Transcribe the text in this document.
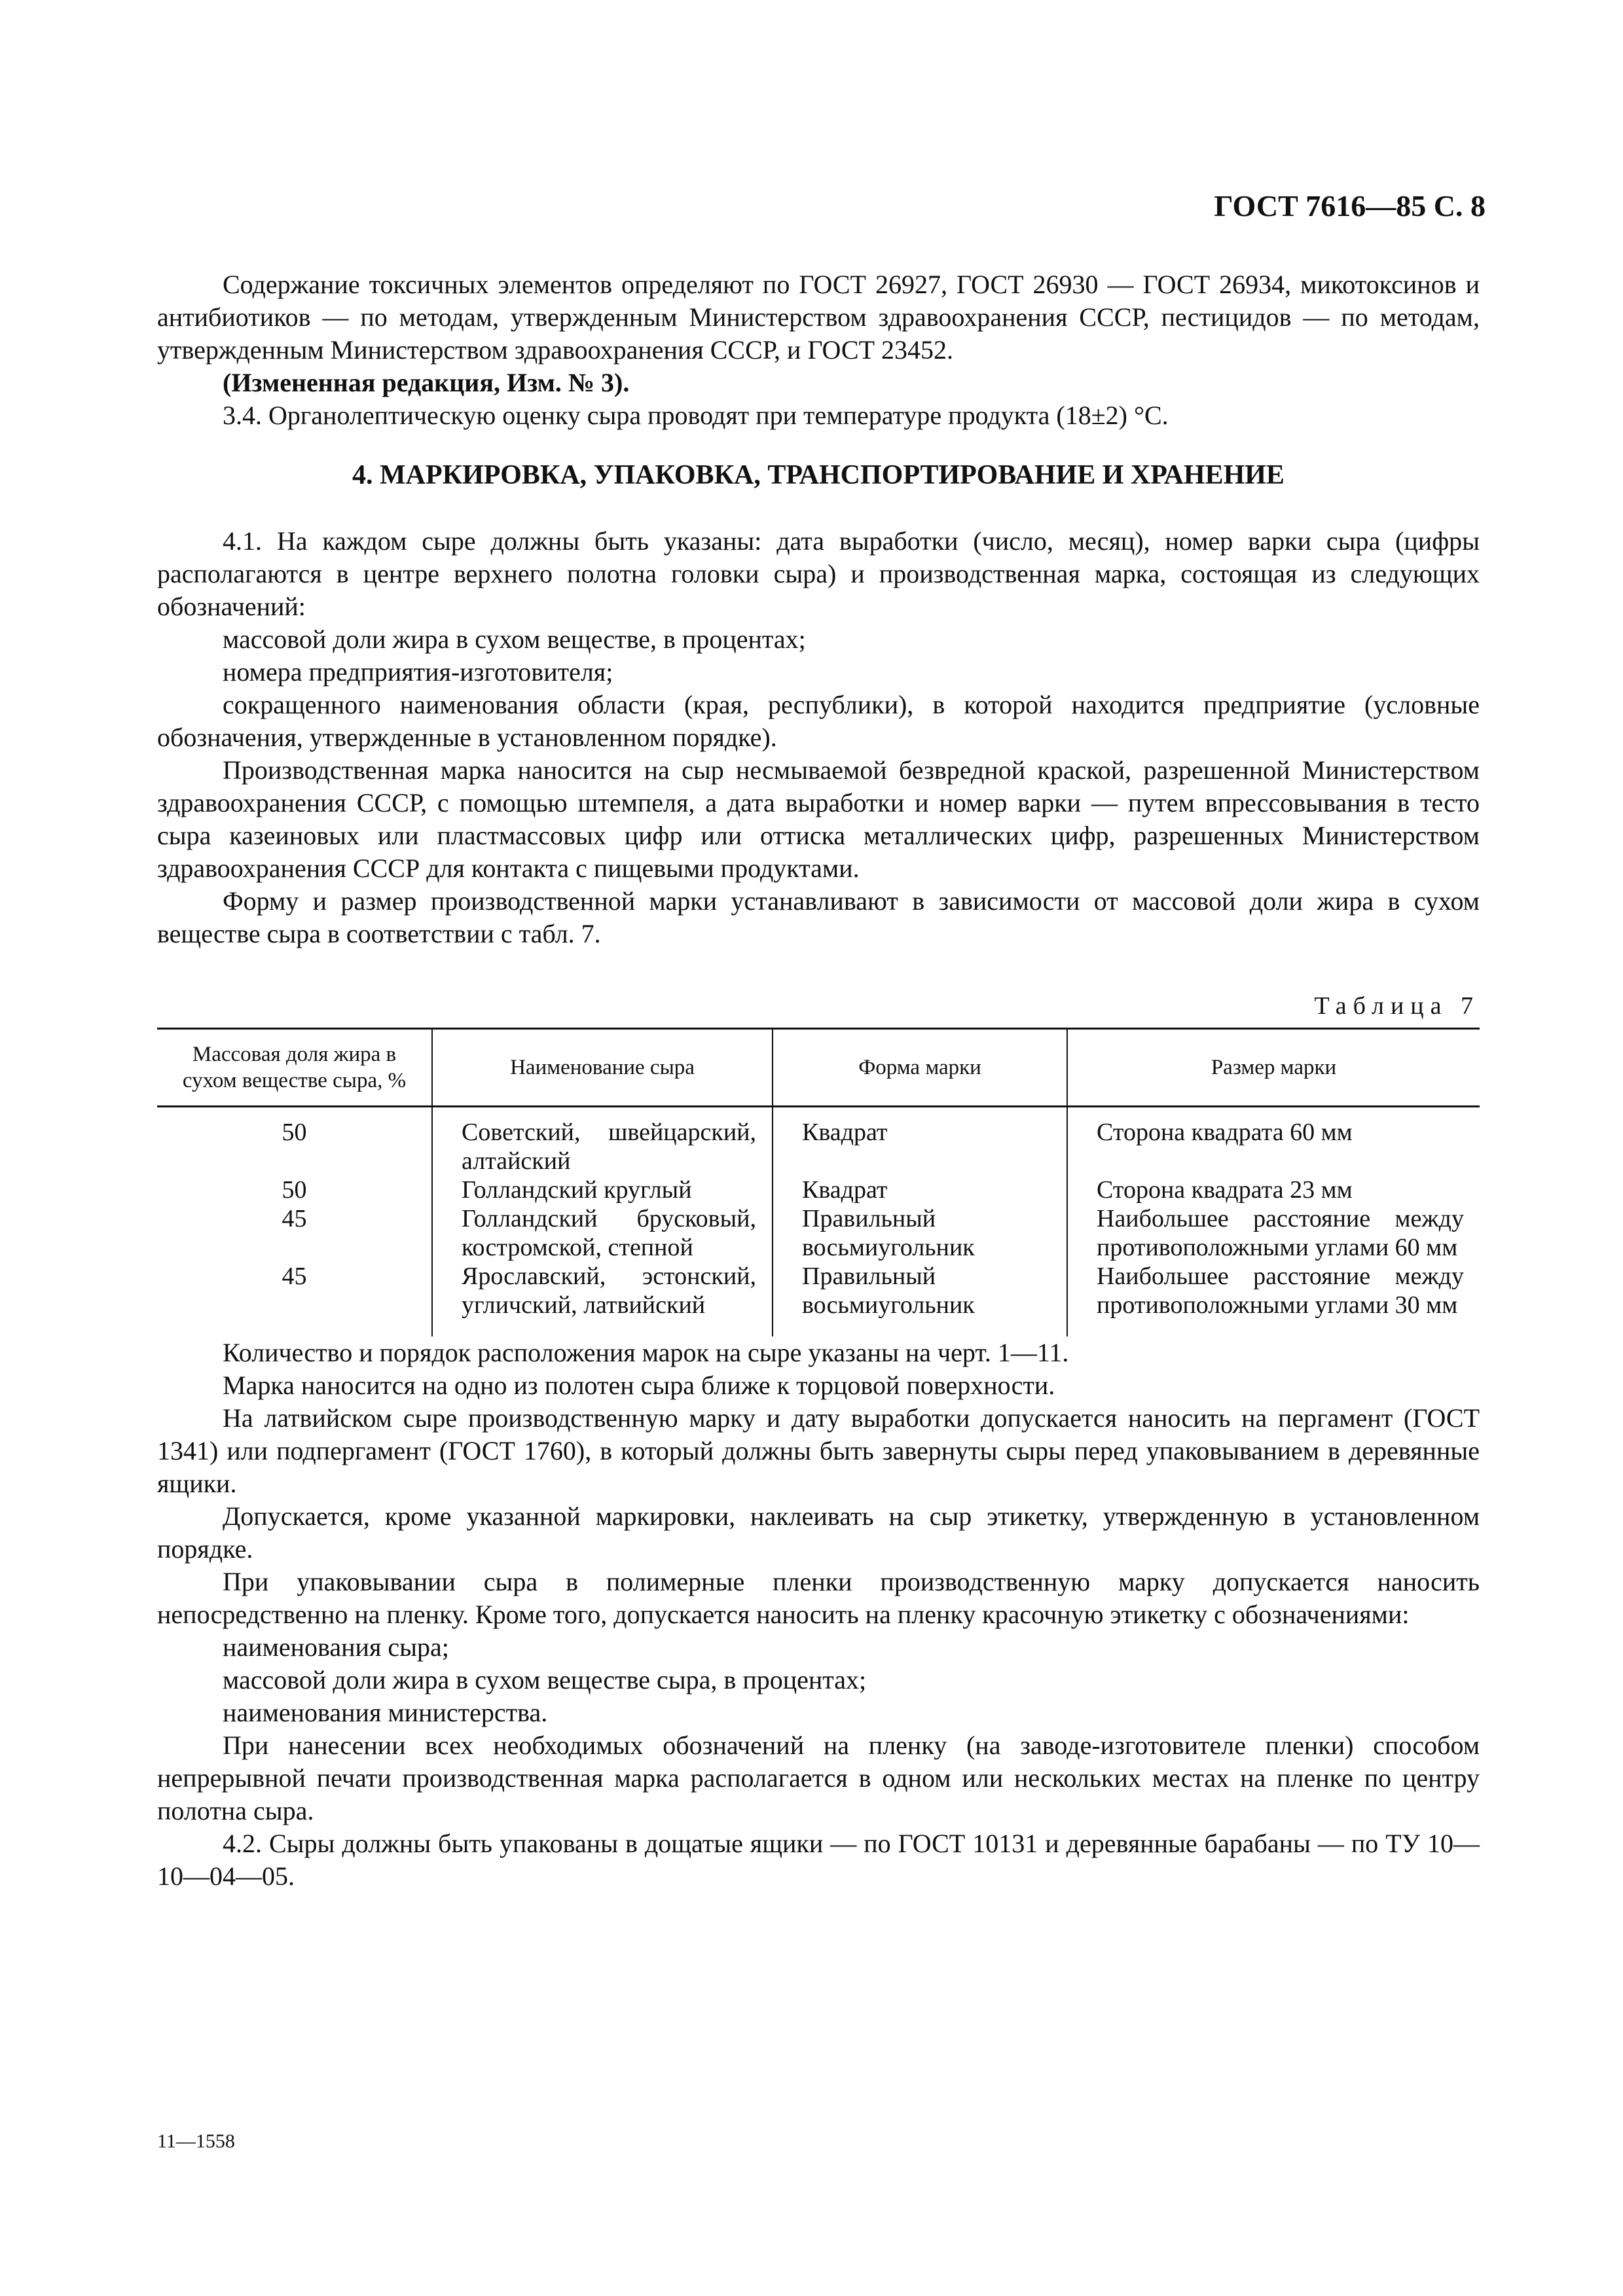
ГОСТ 7616—85 С. 8

Содержание токсичных элементов определяют по ГОСТ 26927, ГОСТ 26930 — ГОСТ 26934, микотоксинов и антибиотиков — по методам, утвержденным Министерством здравоохранения СССР, пестицидов — по методам, утвержденным Министерством здравоохранения СССР, и ГОСТ 23452.

(Измененная редакция, Изм. № 3).

3.4. Органолептическую оценку сыра проводят при температуре продукта (18±2) °С.

4. МАРКИРОВКА, УПАКОВКА, ТРАНСПОРТИРОВАНИЕ И ХРАНЕНИЕ

4.1. На каждом сыре должны быть указаны: дата выработки (число, месяц), номер варки сыра (цифры располагаются в центре верхнего полотна головки сыра) и производственная марка, состоящая из следующих обозначений:

массовой доли жира в сухом веществе, в процентах;

номера предприятия-изготовителя;

сокращенного наименования области (края, республики), в которой находится предприятие (условные обозначения, утвержденные в установленном порядке).

Производственная марка наносится на сыр несмываемой безвредной краской, разрешенной Министерством здравоохранения СССР, с помощью штемпеля, а дата выработки и номер варки — путем впрессовывания в тесто сыра казеиновых или пластмассовых цифр или оттиска металлических цифр, разрешенных Министерством здравоохранения СССР для контакта с пищевыми продуктами.

Форму и размер производственной марки устанавливают в зависимости от массовой доли жира в сухом веществе сыра в соответствии с табл. 7.

Таблица 7
Массовая доля жира в сухом веществе сыра, %	Наименование сыра	Форма марки	Размер марки
50	Советский, швейцарский, алтайский	Квадрат	Сторона квадрата 60 мм
50	Голландский круглый	Квадрат	Сторона квадрата 23 мм
45	Голландский брусковый, костромской, степной	Правильный восьмиугольник	Наибольшее расстояние между противоположными углами 60 мм
45	Ярославский, эстонский, угличский, латвийский	Правильный восьмиугольник	Наибольшее расстояние между противоположными углами 30 мм

Количество и порядок расположения марок на сыре указаны на черт. 1—11.

Марка наносится на одно из полотен сыра ближе к торцовой поверхности.

На латвийском сыре производственную марку и дату выработки допускается наносить на пергамент (ГОСТ 1341) или подпергамент (ГОСТ 1760), в который должны быть завернуты сыры перед упаковыванием в деревянные ящики.

Допускается, кроме указанной маркировки, наклеивать на сыр этикетку, утвержденную в установленном порядке.

При упаковывании сыра в полимерные пленки производственную марку допускается наносить непосредственно на пленку. Кроме того, допускается наносить на пленку красочную этикетку с обозначениями:

наименования сыра;

массовой доли жира в сухом веществе сыра, в процентах;

наименования министерства.

При нанесении всех необходимых обозначений на пленку (на заводе-изготовителе пленки) способом непрерывной печати производственная марка располагается в одном или нескольких местах на пленке по центру полотна сыра.

4.2. Сыры должны быть упакованы в дощатые ящики — по ГОСТ 10131 и деревянные барабаны — по ТУ 10—10—04—05.

11—1558
